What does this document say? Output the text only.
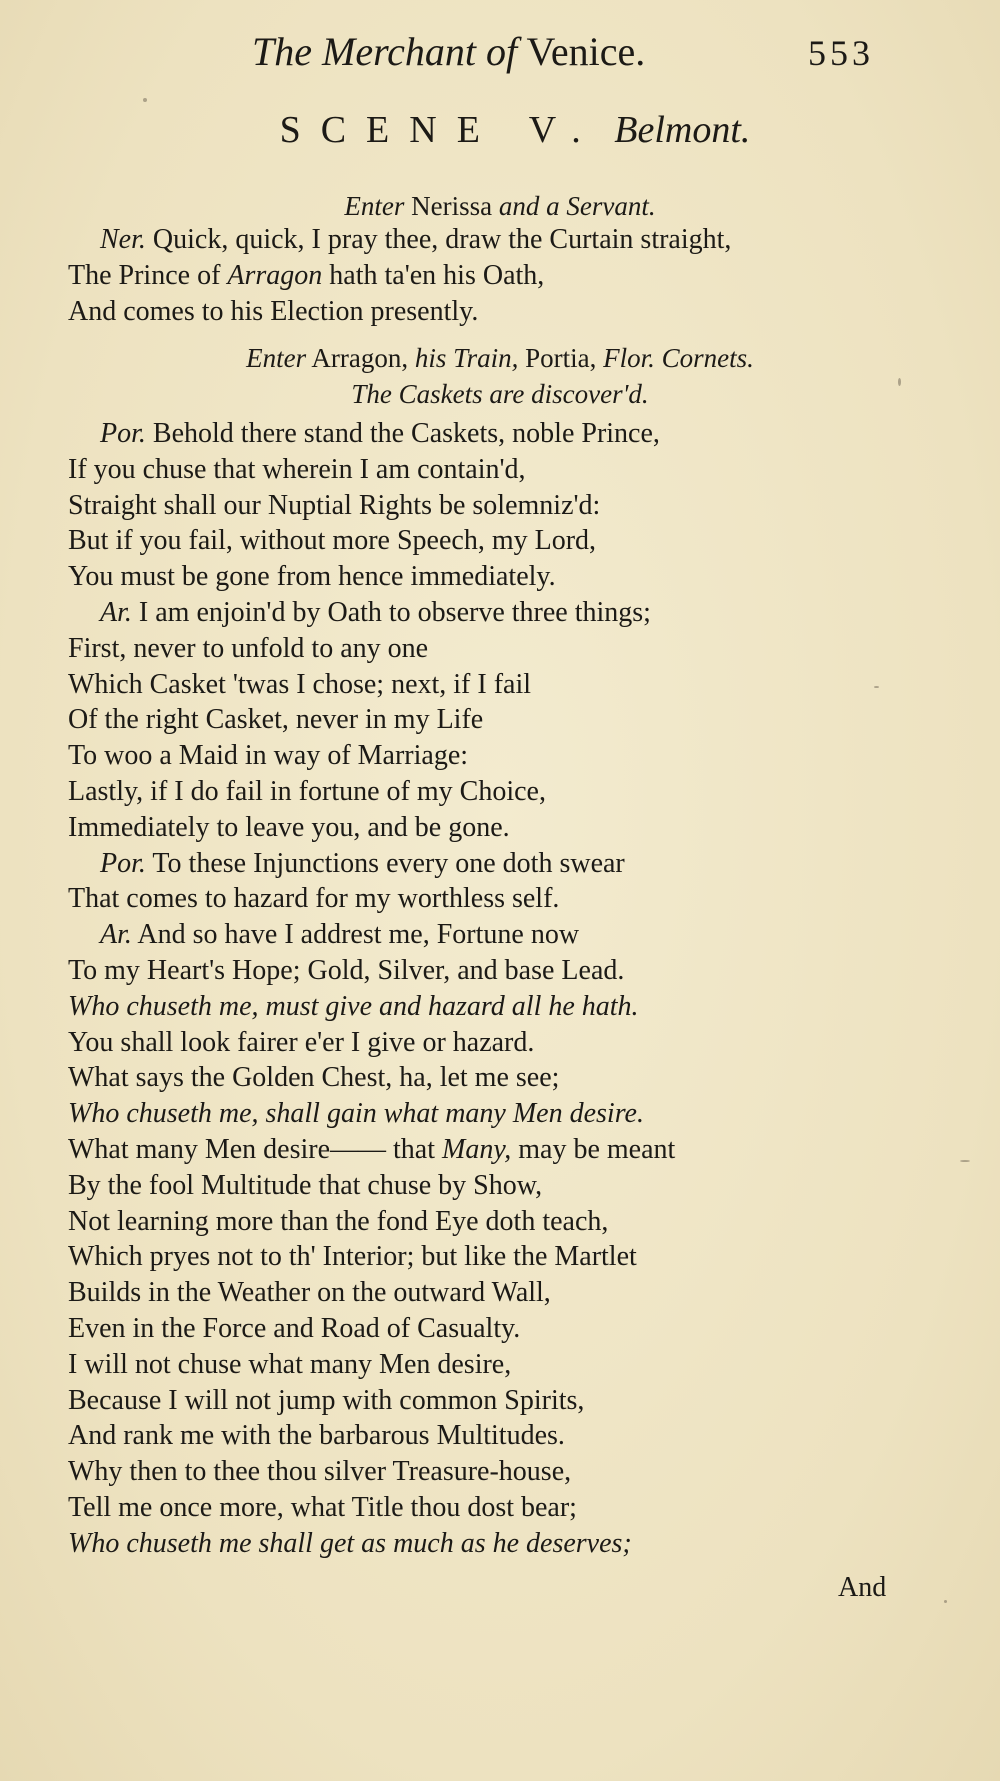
The Merchant of Venice.	553
SCENE V. Belmont.
Enter Nerissa and a Servant.
Ner. Quick, quick, I pray thee, draw the Curtain straight,
The Prince of Arragon hath ta'en his Oath,
And comes to his Election presently.
Enter Arragon, his Train, Portia, Flor. Cornets.
The Caskets are discover'd.
Por. Behold there stand the Caskets, noble Prince,
If you chuse that wherein I am contain'd,
Straight shall our Nuptial Rights be solemniz'd:
But if you fail, without more Speech, my Lord,
You must be gone from hence immediately.
Ar. I am enjoin'd by Oath to observe three things;
First, never to unfold to any one
Which Casket 'twas I chose; next, if I fail
Of the right Casket, never in my Life
To woo a Maid in way of Marriage:
Lastly, if I do fail in fortune of my Choice,
Immediately to leave you, and be gone.
Por. To these Injunctions every one doth swear
That comes to hazard for my worthless self.
Ar. And so have I addrest me, Fortune now
To my Heart's Hope; Gold, Silver, and base Lead.
Who chuseth me, must give and hazard all he hath.
You shall look fairer e'er I give or hazard.
What says the Golden Chest, ha, let me see;
Who chuseth me, shall gain what many Men desire.
What many Men desire—— that Many, may be meant
By the fool Multitude that chuse by Show,
Not learning more than the fond Eye doth teach,
Which pryes not to th' Interior; but like the Martlet
Builds in the Weather on the outward Wall,
Even in the Force and Road of Casualty.
I will not chuse what many Men desire,
Because I will not jump with common Spirits,
And rank me with the barbarous Multitudes.
Why then to thee thou silver Treasure-house,
Tell me once more, what Title thou dost bear;
Who chuseth me shall get as much as he deserves;
And
